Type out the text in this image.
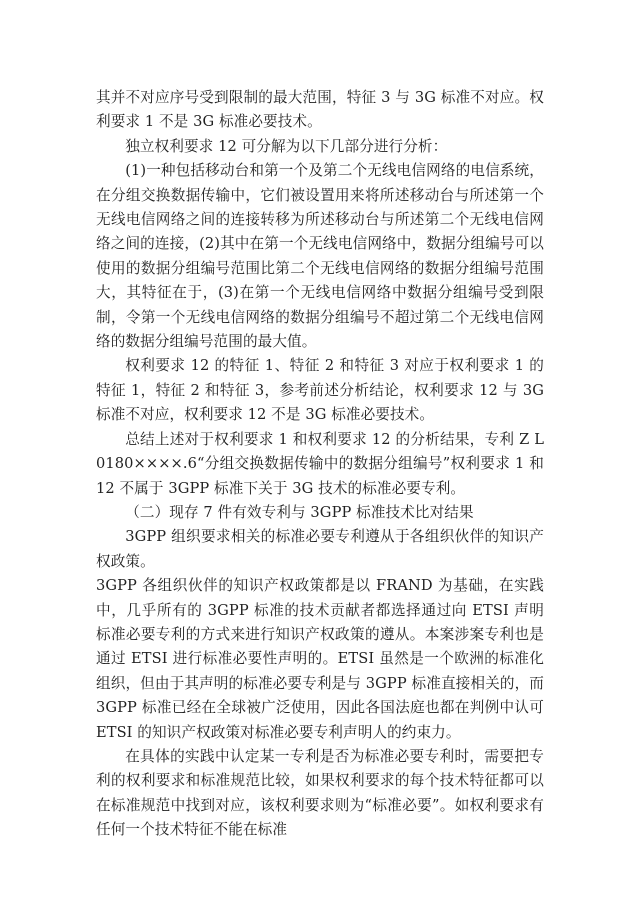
其并不对应序号受到限制的最大范围，特征 3 与 3G 标准不对应。权利要求 1 不是 3G 标准必要技术。

独立权利要求 12 可分解为以下几部分进行分析：

(1)一种包括移动台和第一个及第二个无线电信网络的电信系统，在分组交换数据传输中，它们被设置用来将所述移动台与所述第一个无线电信网络之间的连接转移为所述移动台与所述第二个无线电信网络之间的连接，(2)其中在第一个无线电信网络中，数据分组编号可以使用的数据分组编号范围比第二个无线电信网络的数据分组编号范围大，其特征在于，(3)在第一个无线电信网络中数据分组编号受到限制，令第一个无线电信网络的数据分组编号不超过第二个无线电信网络的数据分组编号范围的最大值。

权利要求 12 的特征 1、特征 2 和特征 3 对应于权利要求 1 的特征 1，特征 2 和特征 3，参考前述分析结论，权利要求 12 与 3G 标准不对应，权利要求 12 不是 3G 标准必要技术。

总结上述对于权利要求 1 和权利要求 12 的分析结果，专利 Z L 0180××××.6“分组交换数据传输中的数据分组编号”权利要求 1 和 12 不属于 3GPP 标准下关于 3G 技术的标准必要专利。

（二）现存 7 件有效专利与 3GPP 标准技术比对结果

3GPP 组织要求相关的标准必要专利遵从于各组织伙伴的知识产权政策。

3GPP 各组织伙伴的知识产权政策都是以 FRAND 为基础，在实践中，几乎所有的 3GPP 标准的技术贡献者都选择通过向 ETSI 声明标准必要专利的方式来进行知识产权政策的遵从。本案涉案专利也是通过 ETSI 进行标准必要性声明的。ETSI 虽然是一个欧洲的标准化组织，但由于其声明的标准必要专利是与 3GPP 标准直接相关的，而 3GPP 标准已经在全球被广泛使用，因此各国法庭也都在判例中认可 ETSI 的知识产权政策对标准必要专利声明人的约束力。

在具体的实践中认定某一专利是否为标准必要专利时，需要把专利的权利要求和标准规范比较，如果权利要求的每个技术特征都可以在标准规范中找到对应，该权利要求则为“标准必要”。如权利要求有任何一个技术特征不能在标准
